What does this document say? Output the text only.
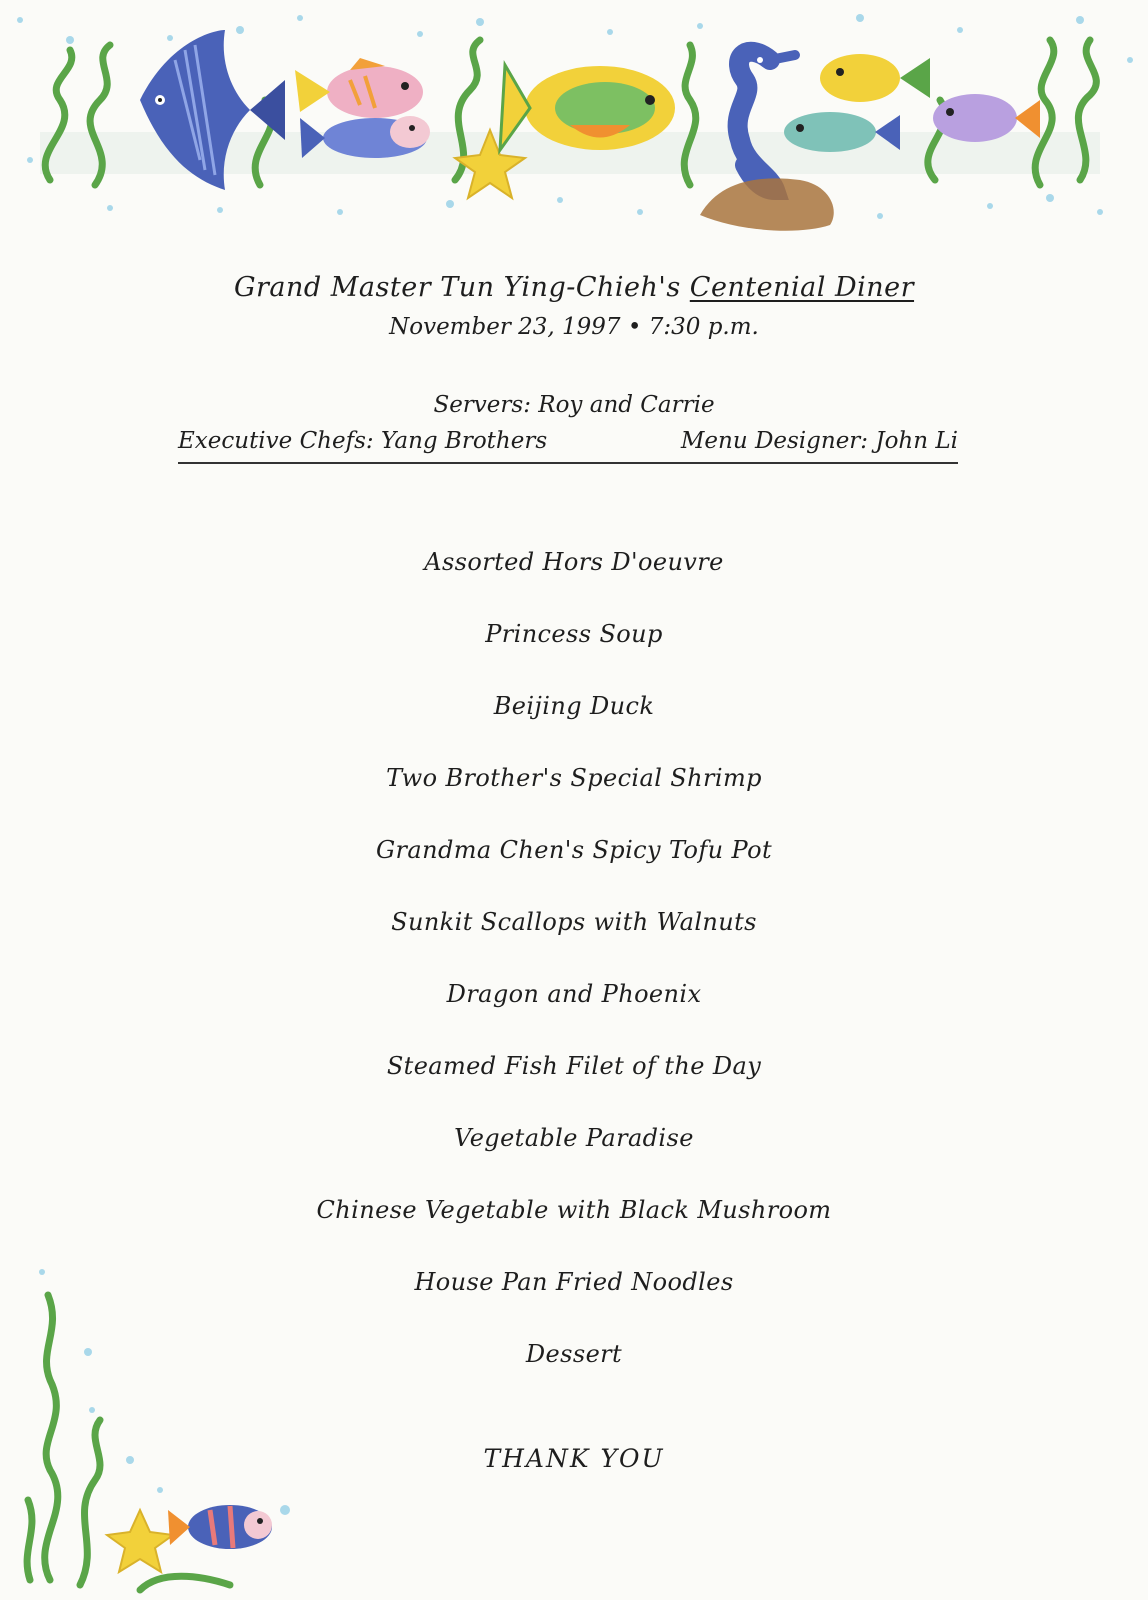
Grand Master Tun Ying-Chieh's Centenial Diner
November 23, 1997 • 7:30 p.m.
Servers: Roy and Carrie
Executive Chefs: Yang Brothers	Menu Designer: John Li
Assorted Hors D'oeuvre
Princess Soup
Beijing Duck
Two Brother's Special Shrimp
Grandma Chen's Spicy Tofu Pot
Sunkit Scallops with Walnuts
Dragon and Phoenix
Steamed Fish Filet of the Day
Vegetable Paradise
Chinese Vegetable with Black Mushroom
House Pan Fried Noodles
Dessert
THANK YOU
